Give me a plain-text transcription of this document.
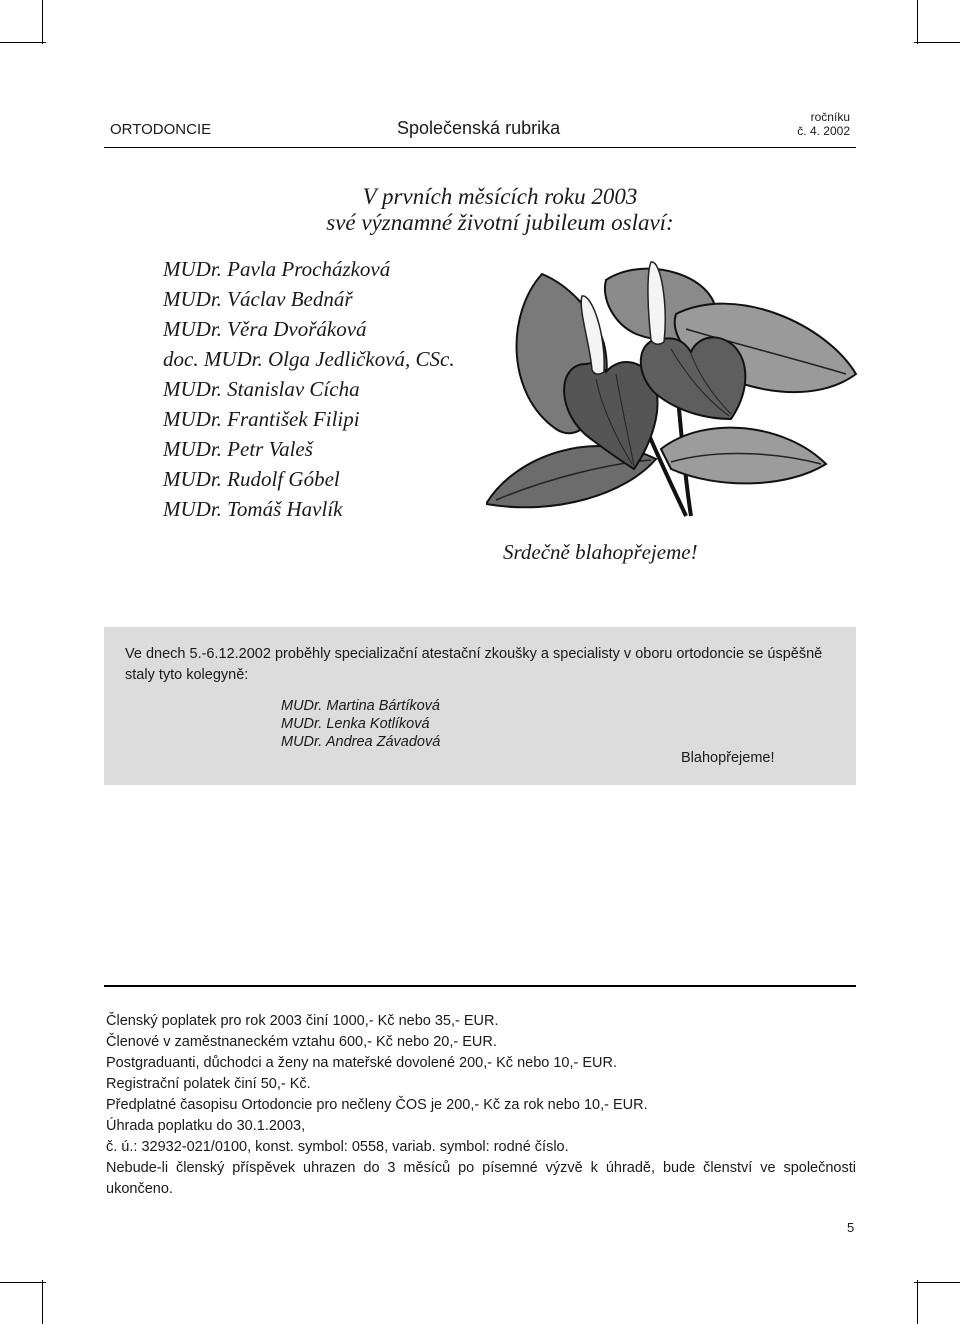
ORTODONCIE	Společenská rubrika
ročníku
č. 4. 2002
V prvních měsících roku 2003
své významné životní jubileum oslaví:
MUDr. Pavla Procházková
MUDr. Václav Bednář
MUDr. Věra Dvořáková
doc. MUDr. Olga Jedličková, CSc.
MUDr. Stanislav Cícha
MUDr. František Filipi
MUDr. Petr Valeš
MUDr. Rudolf Góbel
MUDr. Tomáš Havlík
Srdečně blahopřejeme!
Ve dnech 5.-6.12.2002 proběhly specializační atestační zkoušky a specialisty v oboru ortodoncie se úspěšně staly tyto kolegyně:
MUDr. Martina Bártíková
MUDr. Lenka Kotlíková
MUDr. Andrea Závadová
Blahopřejeme!
Členský poplatek pro rok 2003 činí 1000,- Kč nebo 35,- EUR.
Členové v zaměstnaneckém vztahu 600,- Kč nebo 20,- EUR.
Postgraduanti, důchodci a ženy na mateřské dovolené 200,- Kč nebo 10,- EUR.
Registrační polatek činí 50,- Kč.
Předplatné časopisu Ortodoncie pro nečleny ČOS je 200,- Kč za rok nebo 10,- EUR.
Úhrada poplatku do 30.1.2003,
č. ú.: 32932-021/0100, konst. symbol: 0558, variab. symbol: rodné číslo.
Nebude-li členský příspěvek uhrazen do 3 měsíců po písemné výzvě k úhradě, bude členství ve společnosti ukončeno.
5
